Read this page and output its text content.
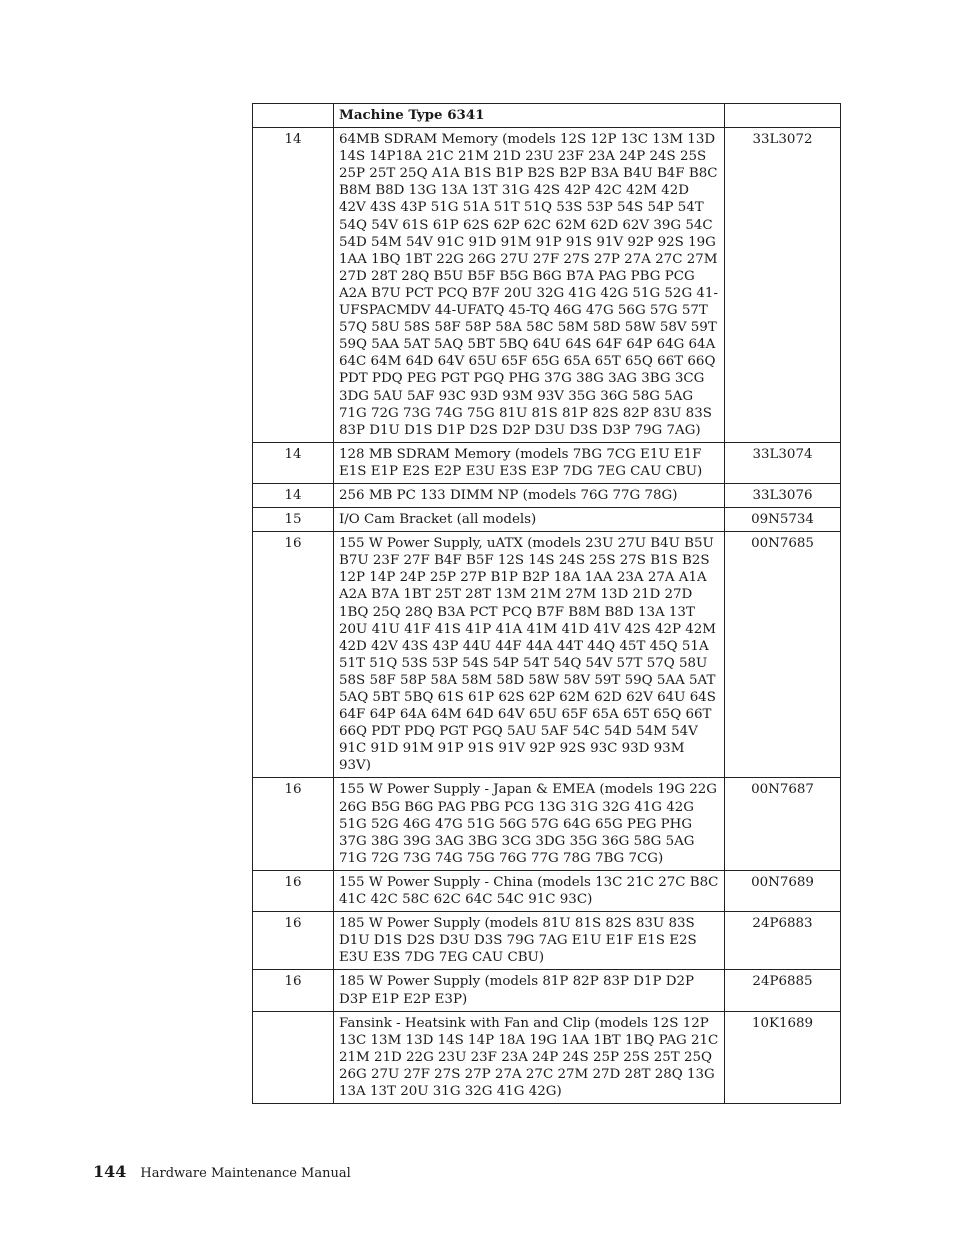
	Machine Type 6341	
14	64MB SDRAM Memory (models 12S 12P 13C 13M 13D 14S 14P18A 21C 21M 21D 23U 23F 23A 24P 24S 25S 25P 25T 25Q A1A B1S B1P B2S B2P B3A B4U B4F B8C B8M B8D 13G 13A 13T 31G 42S 42P 42C 42M 42D 42V 43S 43P 51G 51A 51T 51Q 53S 53P 54S 54P 54T 54Q 54V 61S 61P 62S 62P 62C 62M 62D 62V 39G 54C 54D 54M 54V 91C 91D 91M 91P 91S 91V 92P 92S 19G 1AA 1BQ 1BT 22G 26G 27U 27F 27S 27P 27A 27C 27M 27D 28T 28Q B5U B5F B5G B6G B7A PAG PBG PCG A2A B7U PCT PCQ B7F 20U 32G 41G 42G 51G 52G 41-UFSPACMDV 44-UFATQ 45-TQ 46G 47G 56G 57G 57T 57Q 58U 58S 58F 58P 58A 58C 58M 58D 58W 58V 59T 59Q 5AA 5AT 5AQ 5BT 5BQ 64U 64S 64F 64P 64G 64A 64C 64M 64D 64V 65U 65F 65G 65A 65T 65Q 66T 66Q PDT PDQ PEG PGT PGQ PHG 37G 38G 3AG 3BG 3CG 3DG 5AU 5AF 93C 93D 93M 93V 35G 36G 58G 5AG 71G 72G 73G 74G 75G 81U 81S 81P 82S 82P 83U 83S 83P D1U D1S D1P D2S D2P D3U D3S D3P 79G 7AG)	33L3072
14	128 MB SDRAM Memory (models 7BG 7CG E1U E1F E1S E1P E2S E2P E3U E3S E3P 7DG 7EG CAU CBU)	33L3074
14	256 MB PC 133 DIMM NP (models 76G 77G 78G)	33L3076
15	I/O Cam Bracket (all models)	09N5734
16	155 W Power Supply, uATX (models 23U 27U B4U B5U B7U 23F 27F B4F B5F 12S 14S 24S 25S 27S B1S B2S 12P 14P 24P 25P 27P B1P B2P 18A 1AA 23A 27A A1A A2A B7A 1BT 25T 28T 13M 21M 27M 13D 21D 27D 1BQ 25Q 28Q B3A PCT PCQ B7F B8M B8D 13A 13T 20U 41U 41F 41S 41P 41A 41M 41D 41V 42S 42P 42M 42D 42V 43S 43P 44U 44F 44A 44T 44Q 45T 45Q 51A 51T 51Q 53S 53P 54S 54P 54T 54Q 54V 57T 57Q 58U 58S 58F 58P 58A 58M 58D 58W 58V 59T 59Q 5AA 5AT 5AQ 5BT 5BQ 61S 61P 62S 62P 62M 62D 62V 64U 64S 64F 64P 64A 64M 64D 64V 65U 65F 65A 65T 65Q 66T 66Q PDT PDQ PGT PGQ 5AU 5AF 54C 54D 54M 54V 91C 91D 91M 91P 91S 91V 92P 92S 93C 93D 93M 93V)	00N7685
16	155 W Power Supply - Japan & EMEA (models 19G 22G 26G B5G B6G PAG PBG PCG 13G 31G 32G 41G 42G 51G 52G 46G 47G 51G 56G 57G 64G 65G PEG PHG 37G 38G 39G 3AG 3BG 3CG 3DG 35G 36G 58G 5AG 71G 72G 73G 74G 75G 76G 77G 78G 7BG 7CG)	00N7687
16	155 W Power Supply - China (models 13C 21C 27C B8C 41C 42C 58C 62C 64C 54C 91C 93C)	00N7689
16	185 W Power Supply (models 81U 81S 82S 83U 83S D1U D1S D2S D3U D3S 79G 7AG E1U E1F E1S E2S E3U E3S 7DG 7EG CAU CBU)	24P6883
16	185 W Power Supply (models 81P 82P 83P D1P D2P D3P E1P E2P E3P)	24P6885
	Fansink - Heatsink with Fan and Clip (models 12S 12P 13C 13M 13D 14S 14P 18A 19G 1AA 1BT 1BQ PAG 21C 21M 21D 22G 23U 23F 23A 24P 24S 25P 25S 25T 25Q 26G 27U 27F 27S 27P 27A 27C 27M 27D 28T 28Q 13G 13A 13T 20U 31G 32G 41G 42G)	10K1689
144 Hardware Maintenance Manual
